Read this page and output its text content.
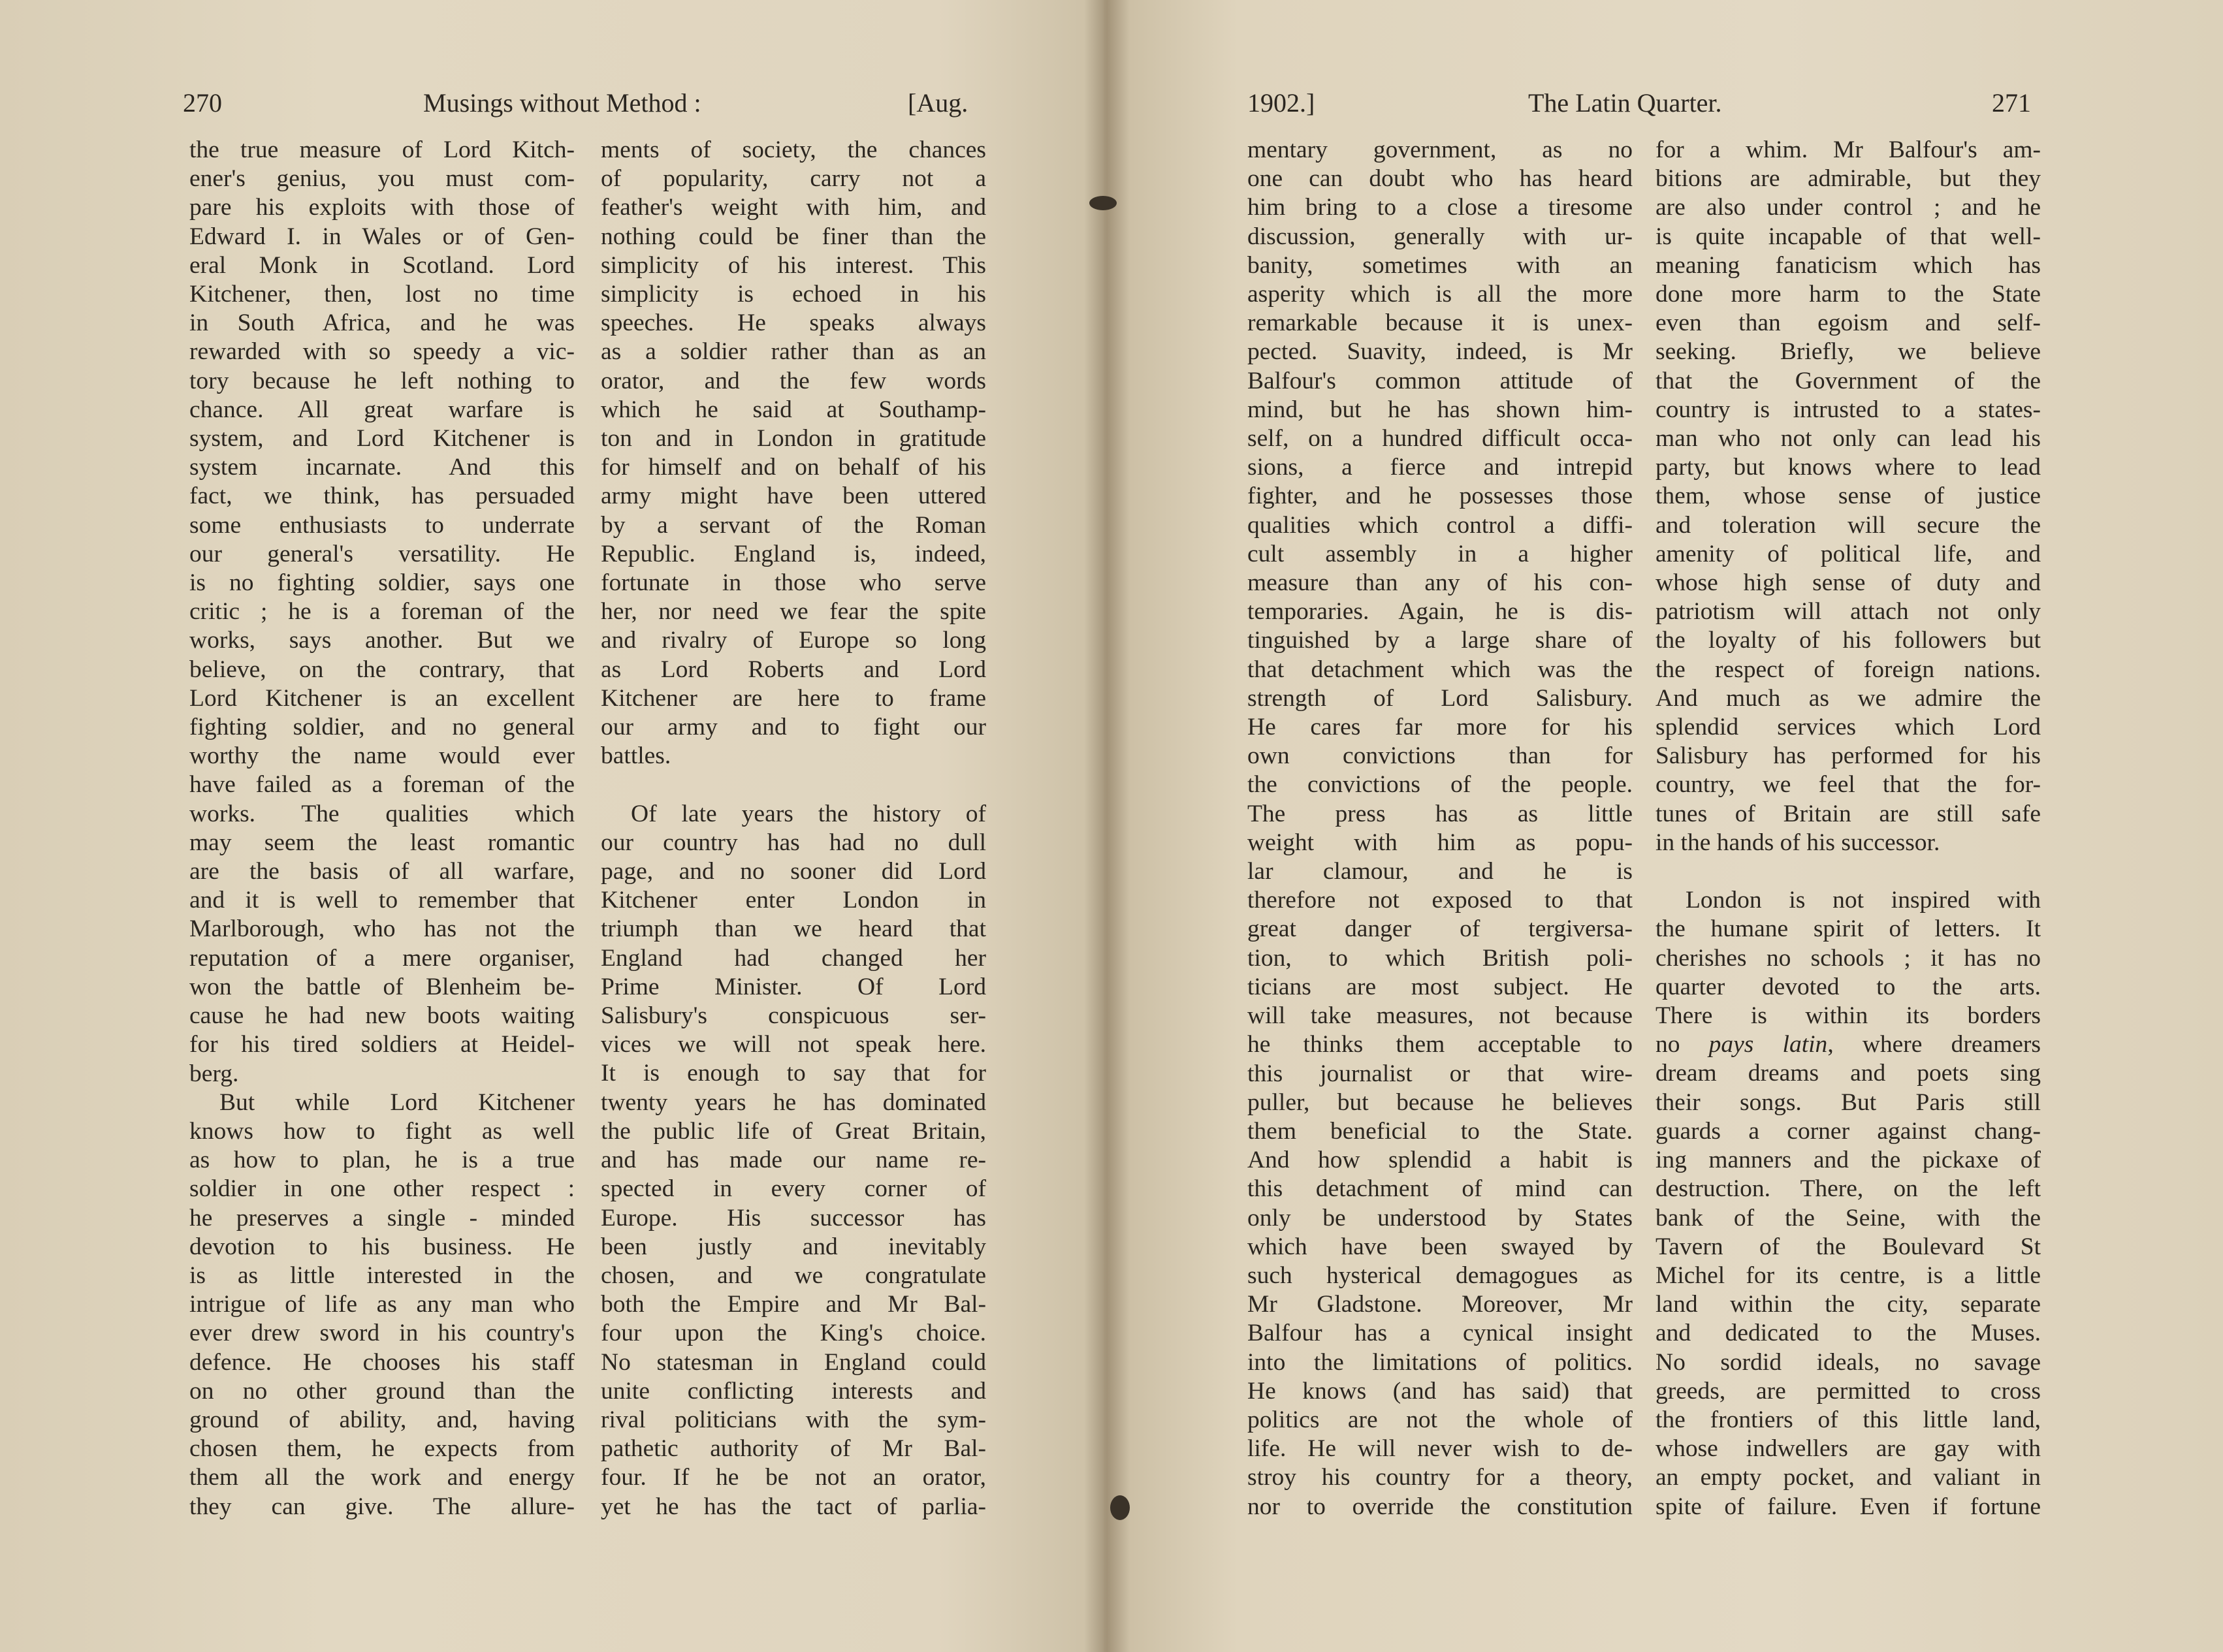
270	Musings without Method :	[Aug.
the true measure of Lord Kitch-
ener's genius, you must com-
pare his exploits with those of
Edward I. in Wales or of Gen-
eral Monk in Scotland. Lord
Kitchener, then, lost no time
in South Africa, and he was
rewarded with so speedy a vic-
tory because he left nothing to
chance. All great warfare is
system, and Lord Kitchener is
system incarnate. And this
fact, we think, has persuaded
some enthusiasts to underrate
our general's versatility. He
is no fighting soldier, says one
critic ; he is a foreman of the
works, says another. But we
believe, on the contrary, that
Lord Kitchener is an excellent
fighting soldier, and no general
worthy the name would ever
have failed as a foreman of the
works. The qualities which
may seem the least romantic
are the basis of all warfare,
and it is well to remember that
Marlborough, who has not the
reputation of a mere organiser,
won the battle of Blenheim be-
cause he had new boots waiting
for his tired soldiers at Heidel-
berg.
But while Lord Kitchener
knows how to fight as well
as how to plan, he is a true
soldier in one other respect :
he preserves a single - minded
devotion to his business. He
is as little interested in the
intrigue of life as any man who
ever drew sword in his country's
defence. He chooses his staff
on no other ground than the
ground of ability, and, having
chosen them, he expects from
them all the work and energy
they can give. The allure-
ments of society, the chances
of popularity, carry not a
feather's weight with him, and
nothing could be finer than the
simplicity of his interest. This
simplicity is echoed in his
speeches. He speaks always
as a soldier rather than as an
orator, and the few words
which he said at Southamp-
ton and in London in gratitude
for himself and on behalf of his
army might have been uttered
by a servant of the Roman
Republic. England is, indeed,
fortunate in those who serve
her, nor need we fear the spite
and rivalry of Europe so long
as Lord Roberts and Lord
Kitchener are here to frame
our army and to fight our
battles.
Of late years the history of
our country has had no dull
page, and no sooner did Lord
Kitchener enter London in
triumph than we heard that
England had changed her
Prime Minister. Of Lord
Salisbury's conspicuous ser-
vices we will not speak here.
It is enough to say that for
twenty years he has dominated
the public life of Great Britain,
and has made our name re-
spected in every corner of
Europe. His successor has
been justly and inevitably
chosen, and we congratulate
both the Empire and Mr Bal-
four upon the King's choice.
No statesman in England could
unite conflicting interests and
rival politicians with the sym-
pathetic authority of Mr Bal-
four. If he be not an orator,
yet he has the tact of parlia-
1902.]	The Latin Quarter.	271
mentary government, as no
one can doubt who has heard
him bring to a close a tiresome
discussion, generally with ur-
banity, sometimes with an
asperity which is all the more
remarkable because it is unex-
pected. Suavity, indeed, is Mr
Balfour's common attitude of
mind, but he has shown him-
self, on a hundred difficult occa-
sions, a fierce and intrepid
fighter, and he possesses those
qualities which control a diffi-
cult assembly in a higher
measure than any of his con-
temporaries. Again, he is dis-
tinguished by a large share of
that detachment which was the
strength of Lord Salisbury.
He cares far more for his
own convictions than for
the convictions of the people.
The press has as little
weight with him as popu-
lar clamour, and he is
therefore not exposed to that
great danger of tergiversa-
tion, to which British poli-
ticians are most subject. He
will take measures, not because
he thinks them acceptable to
this journalist or that wire-
puller, but because he believes
them beneficial to the State.
And how splendid a habit is
this detachment of mind can
only be understood by States
which have been swayed by
such hysterical demagogues as
Mr Gladstone. Moreover, Mr
Balfour has a cynical insight
into the limitations of politics.
He knows (and has said) that
politics are not the whole of
life. He will never wish to de-
stroy his country for a theory,
nor to override the constitution
for a whim. Mr Balfour's am-
bitions are admirable, but they
are also under control ; and he
is quite incapable of that well-
meaning fanaticism which has
done more harm to the State
even than egoism and self-
seeking. Briefly, we believe
that the Government of the
country is intrusted to a states-
man who not only can lead his
party, but knows where to lead
them, whose sense of justice
and toleration will secure the
amenity of political life, and
whose high sense of duty and
patriotism will attach not only
the loyalty of his followers but
the respect of foreign nations.
And much as we admire the
splendid services which Lord
Salisbury has performed for his
country, we feel that the for-
tunes of Britain are still safe
in the hands of his successor.
London is not inspired with
the humane spirit of letters. It
cherishes no schools ; it has no
quarter devoted to the arts.
There is within its borders
no pays latin, where dreamers
dream dreams and poets sing
their songs. But Paris still
guards a corner against chang-
ing manners and the pickaxe of
destruction. There, on the left
bank of the Seine, with the
Tavern of the Boulevard St
Michel for its centre, is a little
land within the city, separate
and dedicated to the Muses.
No sordid ideals, no savage
greeds, are permitted to cross
the frontiers of this little land,
whose indwellers are gay with
an empty pocket, and valiant in
spite of failure. Even if fortune
